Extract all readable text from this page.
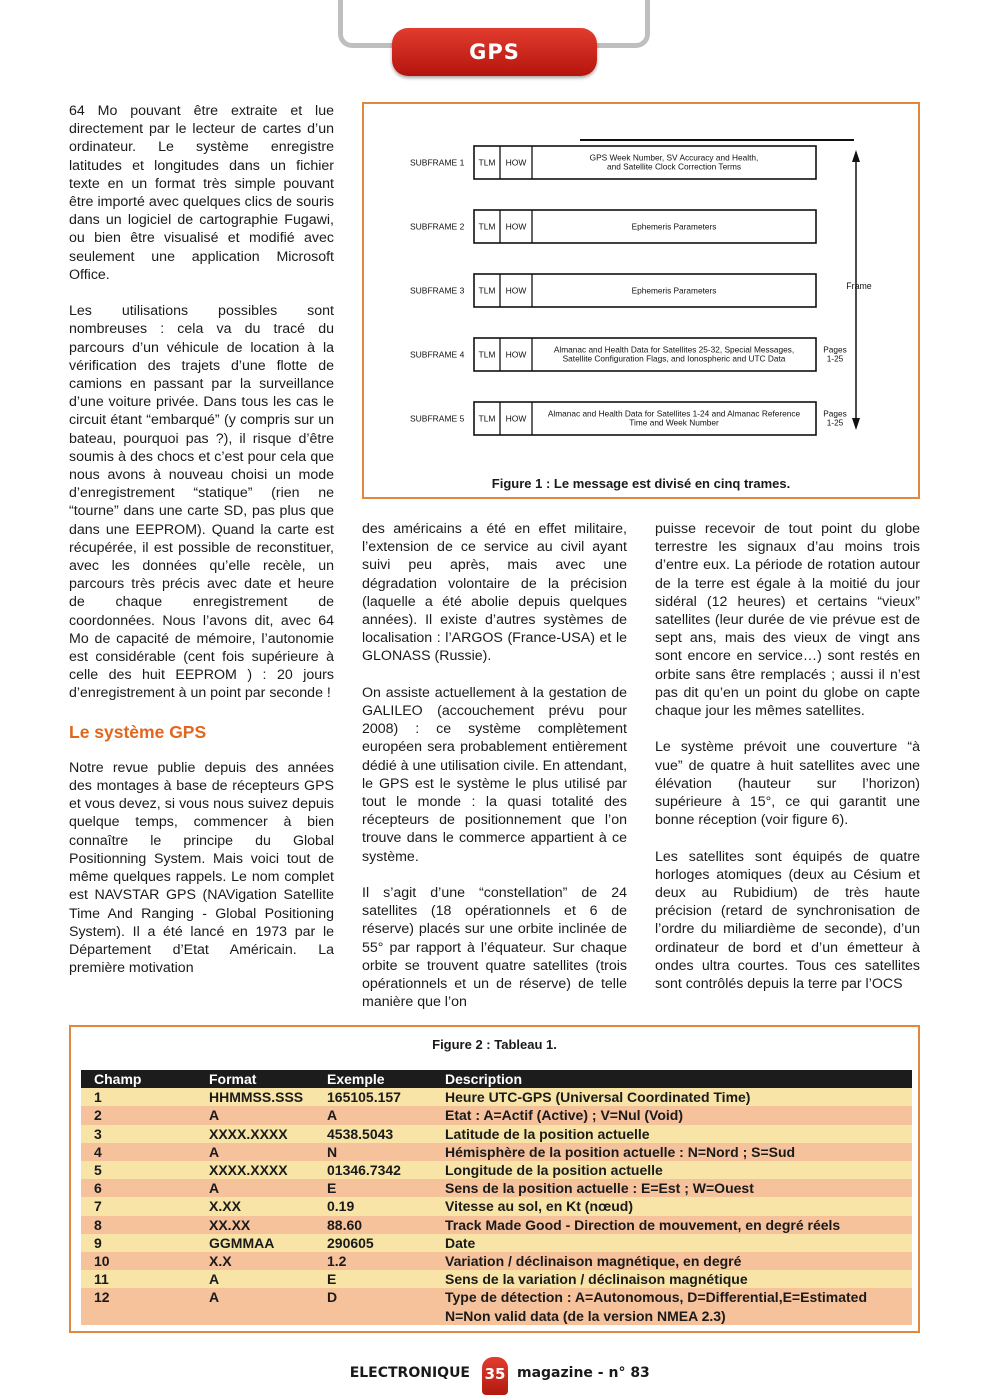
GPS

64 Mo pouvant être extraite et lue directement par le lecteur de cartes d’un ordinateur. Le système enregistre latitudes et longitudes dans un fichier texte en un format très simple pouvant être importé avec quelques clics de souris dans un logiciel de cartographie Fugawi, ou bien être visualisé et modifié avec seulement une application Microsoft Office.

Les utilisations possibles sont nombreuses : cela va du tracé du parcours d’un véhicule de location à la vérification des trajets d’une flotte de camions en passant par la surveillance d’une voiture privée. Dans tous les cas le circuit étant “embarqué” (y compris sur un bateau, pourquoi pas ?), il risque d’être soumis à des chocs et c’est pour cela que nous avons à nouveau choisi un mode d’enregistrement “statique” (rien ne “tourne” dans une carte SD, pas plus que dans une EEPROM). Quand la carte est récupérée, il est possible de reconstituer, avec les données qu’elle recèle, un parcours très précis avec date et heure de chaque enregistrement de coordonnées. Nous l’avons dit, avec 64 Mo de capacité de mémoire, l’autonomie est considérable (cent fois supérieure à celle des huit EEPROM ) : 20 jours d’enregistrement à un point par seconde !

Le système GPS

Notre revue publie depuis des années des montages à base de récepteurs GPS et vous devez, si vous nous suivez depuis quelque temps, commencer à bien connaître le principe du Global Positionning System. Mais voici tout de même quelques rappels. Le nom complet est NAVSTAR GPS (NAVigation Satellite Time And Ranging - Global Positioning System). Il a été lancé en 1973 par le Département d’Etat Américain. La première motivation

SUBFRAME 1 TLM HOW	GPS Week Number, SV Accuracy and Health,
and Satellite Clock Correction Terms
SUBFRAME 2 TLM HOW	Ephemeris Parameters
SUBFRAME 3 TLM HOW	Ephemeris Parameters
SUBFRAME 4 TLM HOW	Almanac and Health Data for Satellites 25-32, Special Messages,
Satellite Configuration Flags, and Ionospheric and UTC Data
Pages
1-25
SUBFRAME 5 TLM HOW	Almanac and Health Data for Satellites 1-24 and Almanac Reference
Time and Week Number
Pages
1-25
Frame
Figure 1 : Le message est divisé en cinq trames.

des américains a été en effet militaire, l’extension de ce service au civil ayant suivi peu après, mais avec une dégradation volontaire de la précision (laquelle a été abolie depuis quelques années). Il existe d’autres systèmes de localisation : l’ARGOS (France-USA) et le GLONASS (Russie).

On assiste actuellement à la gestation de GALILEO (accouchement prévu pour 2008) : ce système complètement européen sera probablement entièrement dédié à une utilisation civile. En attendant, le GPS est le système le plus utilisé par tout le monde : la quasi totalité des récepteurs de positionnement que l’on trouve dans le commerce appartient à ce système.

Il s’agit d’une “constellation” de 24 satellites (18 opérationnels et 6 de réserve) placés sur une orbite inclinée de 55° par rapport à l’équateur. Sur chaque orbite se trouvent quatre satellites (trois opérationnels et un de réserve) de telle manière que l’on

puisse recevoir de tout point du globe terrestre les signaux d’au moins trois d’entre eux. La période de rotation autour de la terre est égale à la moitié du jour sidéral (12 heures) et certains “vieux” satellites (leur durée de vie prévue est de sept ans, mais des vieux de vingt ans sont encore en service…) sont restés en orbite sans être remplacés ; aussi il n’est pas dit qu’en un point du globe on capte chaque jour les mêmes satellites.

Le système prévoit une couverture “à vue” de quatre à huit satellites avec une élévation (hauteur sur l’horizon) supérieure à 15°, ce qui garantit une bonne réception (voir figure 6).

Les satellites sont équipés de quatre horloges atomiques (deux au Césium et deux au Rubidium) de très haute précision (retard de synchronisation de l’ordre du miliardième de seconde), d’un ordinateur de bord et d’un émetteur à ondes ultra courtes. Tous ces satellites sont contrôlés depuis la terre par l’OCS

Figure 2 : Tableau 1.
Champ	Format	Exemple	Description
1	HHMMSS.SSS	165105.157	Heure UTC-GPS (Universal Coordinated Time)
2	A	A	Etat : A=Actif (Active) ; V=Nul (Void)
3	XXXX.XXXX	4538.5043	Latitude de la position actuelle
4	A	N	Hémisphère de la position actuelle : N=Nord ; S=Sud
5	XXXX.XXXX	01346.7342	Longitude de la position actuelle
6	A	E	Sens de la position actuelle : E=Est ; W=Ouest
7	X.XX	0.19	Vitesse au sol, en Kt (nœud)
8	XX.XX	88.60	Track Made Good - Direction de mouvement, en degré réels
9	GGMMAA	290605	Date
10	X.X	1.2	Variation / déclinaison magnétique, en degré
11	A	E	Sens de la variation / déclinaison magnétique
12	A	D	Type de détection : A=Autonomous, D=Differential,E=Estimated N=Non valid data (de la version NMEA 2.3)
ELECTRONIQUE 35 magazine - n° 83
